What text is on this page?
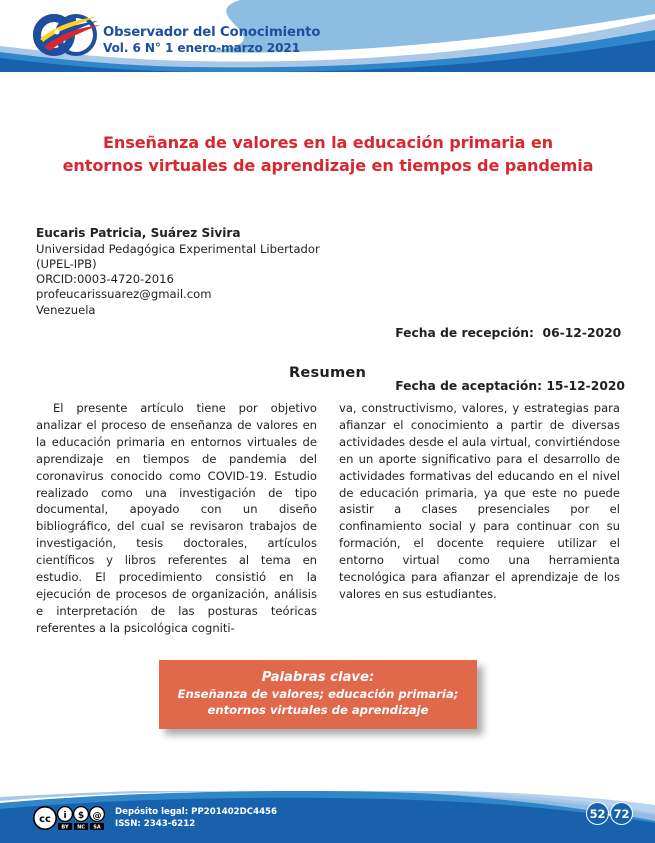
Observador del Conocimiento
Vol. 6 N° 1 enero-marzo 2021
Enseñanza de valores en la educación primaria en entornos virtuales de aprendizaje en tiempos de pandemia
Eucaris Patricia, Suárez Sivira
Universidad Pedagógica Experimental Libertador
(UPEL-IPB)
ORCID:0003-4720-2016
profeucarissuarez@gmail.com
Venezuela

Fecha de recepción: 06-12-2020

Fecha de aceptación: 15-12-2020

Resumen
El presente artículo tiene por objetivo analizar el proceso de enseñanza de valores en la educación primaria en entornos virtuales de aprendizaje en tiempos de pandemia del coronavirus conocido como COVID-19. Estudio realizado como una investigación de tipo documental, apoyado con un diseño bibliográfico, del cual se revisaron trabajos de investigación, tesis doctorales, artículos científicos y libros referentes al tema en estudio. El procedimiento consistió en la ejecución de procesos de organización, análisis e interpretación de las posturas teóricas referentes a la psicológica cogniti-
va, constructivismo, valores, y estrategias para afianzar el conocimiento a partir de diversas actividades desde el aula virtual, convirtiéndose en un aporte significativo para el desarrollo de actividades formativas del educando en el nivel de educación primaria, ya que este no puede asistir a clases presenciales por el confinamiento social y para continuar con su formación, el docente requiere utilizar el entorno virtual como una herramienta tecnológica para afianzar el aprendizaje de los valores en sus estudiantes.
Palabras clave:
Enseñanza de valores; educación primaria; entornos virtuales de aprendizaje
cc i $ @
BY NC SA
Depósito legal: PP201402DC4456
ISSN: 2343-6212
52 - 72
